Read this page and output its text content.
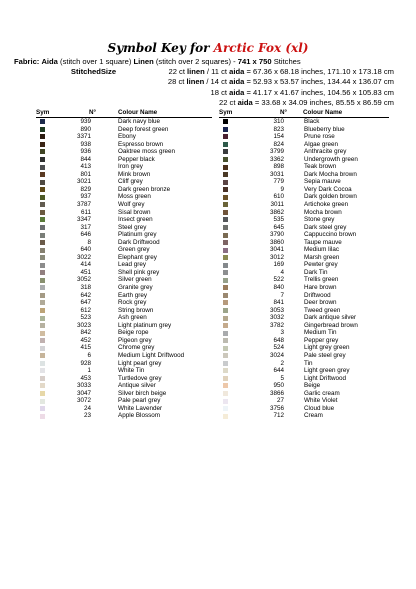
Symbol Key for Arctic Fox (xl)
Fabric: Aida (stitch over 1 square) Linen (stitch over 2 squares) - 741 x 750 Stitches
StitchedSize	22 ct linen / 11 ct aida = 67.36 x 68.18 inches, 171.10 x 173.18 cm
28 ct linen / 14 ct aida = 52.93 x 53.57 inches, 134.44 x 136.07 cm
18 ct aida = 41.17 x 41.67 inches, 104.56 x 105.83 cm
22 ct aida = 33.68 x 34.09 inches, 85.55 x 86.59 cm
Sym	N°	Colour Name
939	Dark navy blue
890	Deep forest green
3371	Ebony
938	Espresso brown
936	Oaktree moss green
844	Pepper black
413	Iron grey
801	Mink brown
3021	Cliff grey
829	Dark green bronze
937	Moss green
3787	Wolf grey
611	Sisal brown
3347	Insect green
317	Steel grey
646	Platinum grey
8	Dark Driftwood
640	Green grey
3022	Elephant grey
414	Lead grey
451	Shell pink grey
3052	Silver green
318	Granite grey
642	Earth grey
647	Rock grey
612	String brown
523	Ash green
3023	Light platinum grey
842	Beige rope
452	Pigeon grey
415	Chrome grey
6	Medium Light Driftwood
928	Light pearl grey
1	White Tin
453	Turtledove grey
3033	Antique silver
3047	Silver birch beige
3072	Pale pearl grey
24	White Lavender
23	Apple Blossom
Sym	N°	Colour Name
310	Black
823	Blueberry blue
154	Prune rose
824	Algae green
3799	Anthracite grey
3362	Undergrowth green
898	Teak brown
3031	Dark Mocha brown
779	Sepia mauve
9	Very Dark Cocoa
610	Dark golden brown
3011	Artichoke green
3862	Mocha brown
535	Stone grey
645	Dark steel grey
3790	Cappuccino brown
3860	Taupe mauve
3041	Medium lilac
3012	Marsh green
169	Pewter grey
4	Dark Tin
522	Trellis green
840	Hare brown
7	Driftwood
841	Deer brown
3053	Tweed green
3032	Dark antique silver
3782	Gingerbread brown
3	Medium Tin
648	Pepper grey
524	Light grey green
3024	Pale steel grey
2	Tin
644	Light green grey
5	Light Driftwood
950	Beige
3866	Garlic cream
27	White Violet
3756	Cloud blue
712	Cream
